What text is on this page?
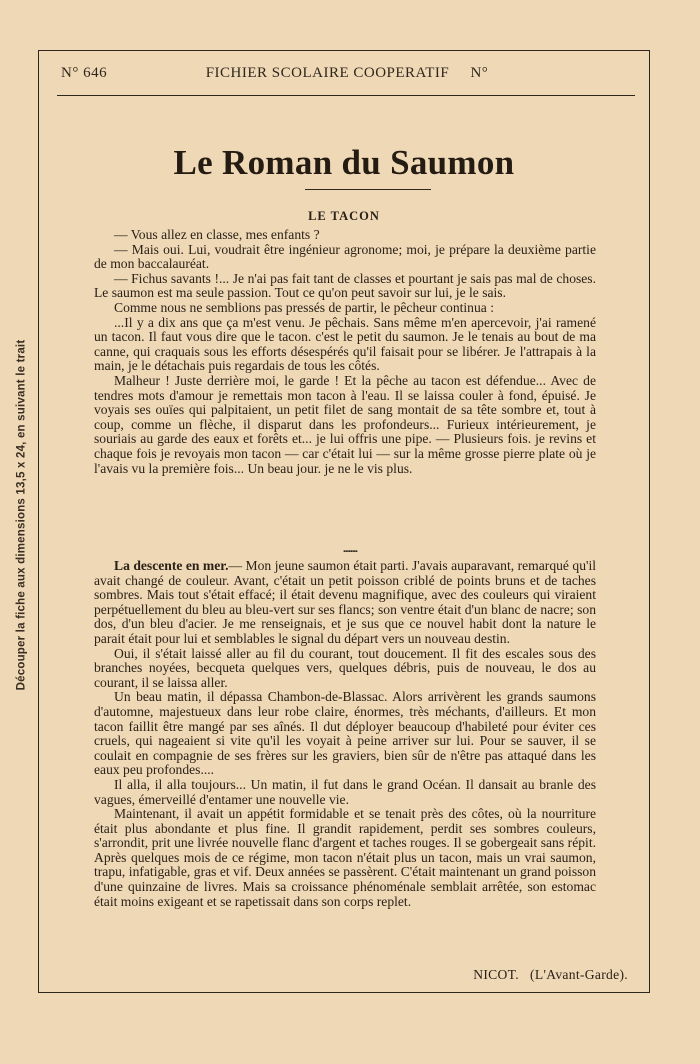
Découper la fiche aux dimensions 13,5 x 24, en suivant le trait
N° 646	FICHIER SCOLAIRE COOPERATIF     N°
Le Roman du Saumon
LE TACON

— Vous allez en classe, mes enfants ?

— Mais oui. Lui, voudrait être ingénieur agronome; moi, je prépare la deuxième partie de mon baccalauréat.

— Fichus savants !... Je n'ai pas fait tant de classes et pourtant je sais pas mal de choses. Le saumon est ma seule passion. Tout ce qu'on peut savoir sur lui, je le sais.

Comme nous ne semblions pas pressés de partir, le pêcheur continua :

...Il y a dix ans que ça m'est venu. Je pêchais. Sans même m'en apercevoir, j'ai ramené un tacon. Il faut vous dire que le tacon. c'est le petit du saumon. Je le tenais au bout de ma canne, qui craquais sous les efforts désespérés qu'il faisait pour se libérer. Je l'attrapais à la main, je le détachais puis regardais de tous les côtés.

Malheur ! Juste derrière moi, le garde ! Et la pêche au tacon est défendue... Avec de tendres mots d'amour je remettais mon tacon à l'eau. Il se laissa couler à fond, épuisé. Je voyais ses ouïes qui palpitaient, un petit filet de sang montait de sa tête sombre et, tout à coup, comme un flèche, il disparut dans les profondeurs... Furieux intérieurement, je souriais au garde des eaux et forêts et... je lui offris une pipe. — Plusieurs fois. je revins et chaque fois je revoyais mon tacon — car c'était lui — sur la même grosse pierre plate où je l'avais vu la première fois... Un beau jour. je ne le vis plus.

........

La descente en mer.— Mon jeune saumon était parti. J'avais auparavant, remarqué qu'il avait changé de couleur. Avant, c'était un petit poisson criblé de points bruns et de taches sombres. Mais tout s'était effacé; il était devenu magnifique, avec des couleurs qui viraient perpétuellement du bleu au bleu-vert sur ses flancs; son ventre était d'un blanc de nacre; son dos, d'un bleu d'acier. Je me renseignais, et je sus que ce nouvel habit dont la nature le parait était pour lui et semblables le signal du départ vers un nouveau destin.

Oui, il s'était laissé aller au fil du courant, tout doucement. Il fit des escales sous des branches noyées, becqueta quelques vers, quelques débris, puis de nouveau, le dos au courant, il se laissa aller.

Un beau matin, il dépassa Chambon-de-Blassac. Alors arrivèrent les grands saumons d'automne, majestueux dans leur robe claire, énormes, très méchants, d'ailleurs. Et mon tacon faillit être mangé par ses aînés. Il dut déployer beaucoup d'habileté pour éviter ces cruels, qui nageaient si vite qu'il les voyait à peine arriver sur lui. Pour se sauver, il se coulait en compagnie de ses frères sur les graviers, bien sûr de n'être pas attaqué dans les eaux peu profondes....

Il alla, il alla toujours... Un matin, il fut dans le grand Océan. Il dansait au branle des vagues, émerveillé d'entamer une nouvelle vie.

Maintenant, il avait un appétit formidable et se tenait près des côtes, où la nourriture était plus abondante et plus fine. Il grandit rapidement, perdit ses sombres couleurs, s'arrondit, prit une livrée nouvelle flanc d'argent et taches rouges. Il se gobergeait sans répit. Après quelques mois de ce régime, mon tacon n'était plus un tacon, mais un vrai saumon, trapu, infatigable, gras et vif. Deux années se passèrent. C'était maintenant un grand poisson d'une quinzaine de livres. Mais sa croissance phénoménale semblait arrêtée, son estomac était moins exigeant et se rapetissait dans son corps replet.

NICOT.   (L'Avant-Garde).
